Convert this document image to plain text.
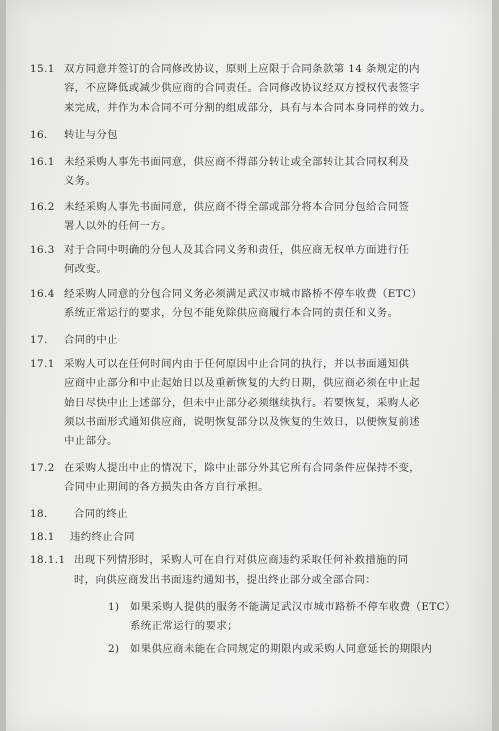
15.1 双方同意并签订的合同修改协议，原则上应限于合同条款第 14 条规定的内
容，不应降低或减少供应商的合同责任。合同修改协议经双方授权代表签字
来完成，并作为本合同不可分割的组成部分，具有与本合同本身同样的效力。
16. 转让与分包
16.1 未经采购人事先书面同意，供应商不得部分转让或全部转让其合同权利及
义务。
16.2 未经采购人事先书面同意，供应商不得全部或部分将本合同分包给合同签
署人以外的任何一方。
16.3 对于合同中明确的分包人及其合同义务和责任，供应商无权单方面进行任
何改变。
16.4 经采购人同意的分包合同义务必须满足武汉市城市路桥不停车收费（ETC）
系统正常运行的要求，分包不能免除供应商履行本合同的责任和义务。
17. 合同的中止
17.1 采购人可以在任何时间内由于任何原因中止合同的执行，并以书面通知供
应商中止部分和中止起始日以及重新恢复的大约日期，供应商必须在中止起
始日尽快中止上述部分，但未中止部分必须继续执行。若要恢复，采购人必
须以书面形式通知供应商，说明恢复部分以及恢复的生效日，以便恢复前述
中止部分。
17.2 在采购人提出中止的情况下，除中止部分外其它所有合同条件应保持不变，
合同中止期间的各方损失由各方自行承担。
18.	合同的终止
18.1 违约终止合同
18.1.1 出现下列情形时，采购人可在自行对供应商违约采取任何补救措施的同
时，向供应商发出书面违约通知书，提出终止部分或全部合同：
1) 如果采购人提供的服务不能满足武汉市城市路桥不停车收费（ETC）
系统正常运行的要求；
2) 如果供应商未能在合同规定的期限内或采购人同意延长的期限内
